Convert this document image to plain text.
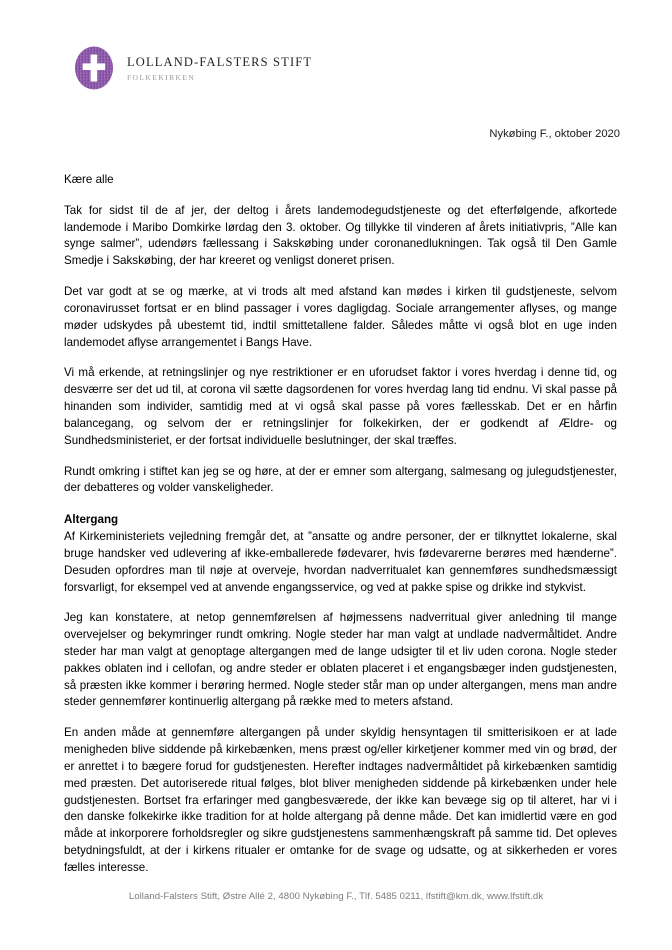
LOLLAND-FALSTERS STIFT
FOLKEKIRKEN
Nykøbing F., oktober 2020

Kære alle

Tak for sidst til de af jer, der deltog i årets landemodegudstjeneste og det efterfølgende, afkortede landemode i Maribo Domkirke lørdag den 3. oktober. Og tillykke til vinderen af årets initiativpris, ”Alle kan synge salmer”, udendørs fællessang i Sakskøbing under coronanedlukningen. Tak også til Den Gamle Smedje i Sakskøbing, der har kreeret og venligst doneret prisen.

Det var godt at se og mærke, at vi trods alt med afstand kan mødes i kirken til gudstjeneste, selvom coronavirusset fortsat er en blind passager i vores dagligdag. Sociale arrangementer aflyses, og mange møder udskydes på ubestemt tid, indtil smittetallene falder. Således måtte vi også blot en uge inden landemodet aflyse arrangementet i Bangs Have.

Vi må erkende, at retningslinjer og nye restriktioner er en uforudset faktor i vores hverdag i denne tid, og desværre ser det ud til, at corona vil sætte dagsordenen for vores hverdag lang tid endnu. Vi skal passe på hinanden som individer, samtidig med at vi også skal passe på vores fællesskab. Det er en hårfin balancegang, og selvom der er retningslinjer for folkekirken, der er godkendt af Ældre- og Sundhedsministeriet, er der fortsat individuelle beslutninger, der skal træffes.

Rundt omkring i stiftet kan jeg se og høre, at der er emner som altergang, salmesang og julegudstjenester, der debatteres og volder vanskeligheder.

Altergang

Af Kirkeministeriets vejledning fremgår det, at ”ansatte og andre personer, der er tilknyttet lokalerne, skal bruge handsker ved udlevering af ikke-emballerede fødevarer, hvis fødevarerne berøres med hænderne”. Desuden opfordres man til nøje at overveje, hvordan nadverritualet kan gennemføres sundhedsmæssigt forsvarligt, for eksempel ved at anvende engangsservice, og ved at pakke spise og drikke ind stykvist.

Jeg kan konstatere, at netop gennemførelsen af højmessens nadverritual giver anledning til mange overvejelser og bekymringer rundt omkring. Nogle steder har man valgt at undlade nadvermåltidet. Andre steder har man valgt at genoptage altergangen med de lange udsigter til et liv uden corona. Nogle steder pakkes oblaten ind i cellofan, og andre steder er oblaten placeret i et engangsbæger inden gudstjenesten, så præsten ikke kommer i berøring hermed. Nogle steder står man op under altergangen, mens man andre steder gennemfører kontinuerlig altergang på række med to meters afstand.

En anden måde at gennemføre altergangen på under skyldig hensyntagen til smitterisikoen er at lade menigheden blive siddende på kirkebænken, mens præst og/eller kirketjener kommer med vin og brød, der er anrettet i to bægere forud for gudstjenesten. Herefter indtages nadvermåltidet på kirkebænken samtidig med præsten. Det autoriserede ritual følges, blot bliver menigheden siddende på kirkebænken under hele gudstjenesten. Bortset fra erfaringer med gangbesværede, der ikke kan bevæge sig op til alteret, har vi i den danske folkekirke ikke tradition for at holde altergang på denne måde. Det kan imidlertid være en god måde at inkorporere forholdsregler og sikre gudstjenestens sammenhængskraft på samme tid. Det opleves betydningsfuldt, at der i kirkens ritualer er omtanke for de svage og udsatte, og at sikkerheden er vores fælles interesse.

Lolland-Falsters Stift, Østre Allé 2, 4800 Nykøbing F., Tlf. 5485 0211, lfstift@km.dk, www.lfstift.dk
